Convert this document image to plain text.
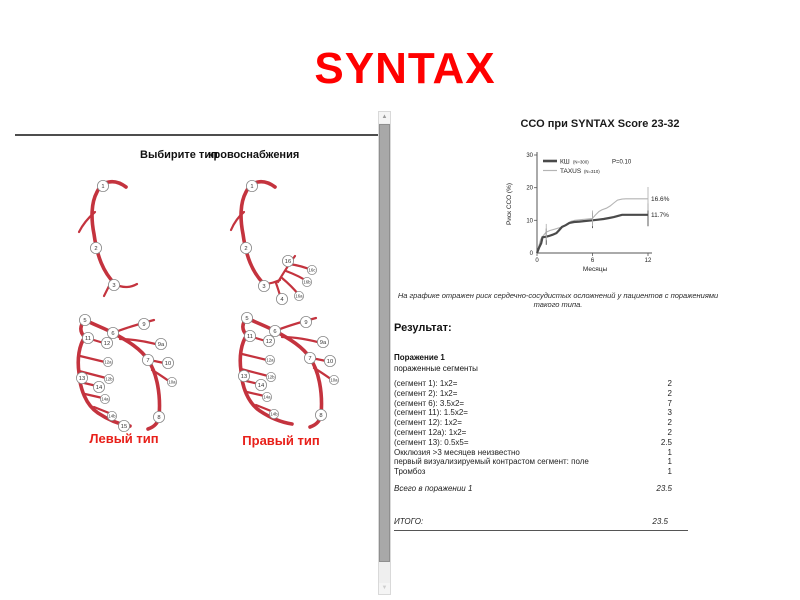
SYNTAX
Выбирите тип
кровоснабжения
1
2
3
1
2
3
4
16
16a
16b
16c
5
6
7
8
9
9a
10
10a
11
12
12a
12b
13
14
14a
14b
15
5
6
7
8
9
9a
10
10a
11
12
12a
12b
13
14
14a
14b
Левый тип	Правый тип
▲
▼
ССО при SYNTAX Score 23-32
30
20
10
0
0	6	12
Месяцы
Риск ССО (%)
КШ (N=300)	P=0.10
TAXUS (N=310)
16.6%
11.7%
На графике отражен риск сердечно-сосудистых осложнений у пациентов с поражениями такого типа.
Результат:
Поражение 1
пораженные сегменты
(сегмент 1): 1х2=	2
(сегмент 2): 1х2=	2
(сегмент 6): 3.5х2=	7
(сегмент 11): 1.5х2=	3
(сегмент 12): 1х2=	2
(сегмент 12а): 1х2=	2
(сегмент 13): 0.5х5=	2.5
Окклюзия >3 месяцев неизвестно	1
первый визуализируемый контрастом сегмент: поле	1
Тромбоз	1
Всего в поражении 1	23.5
ИТОГО:	23.5
